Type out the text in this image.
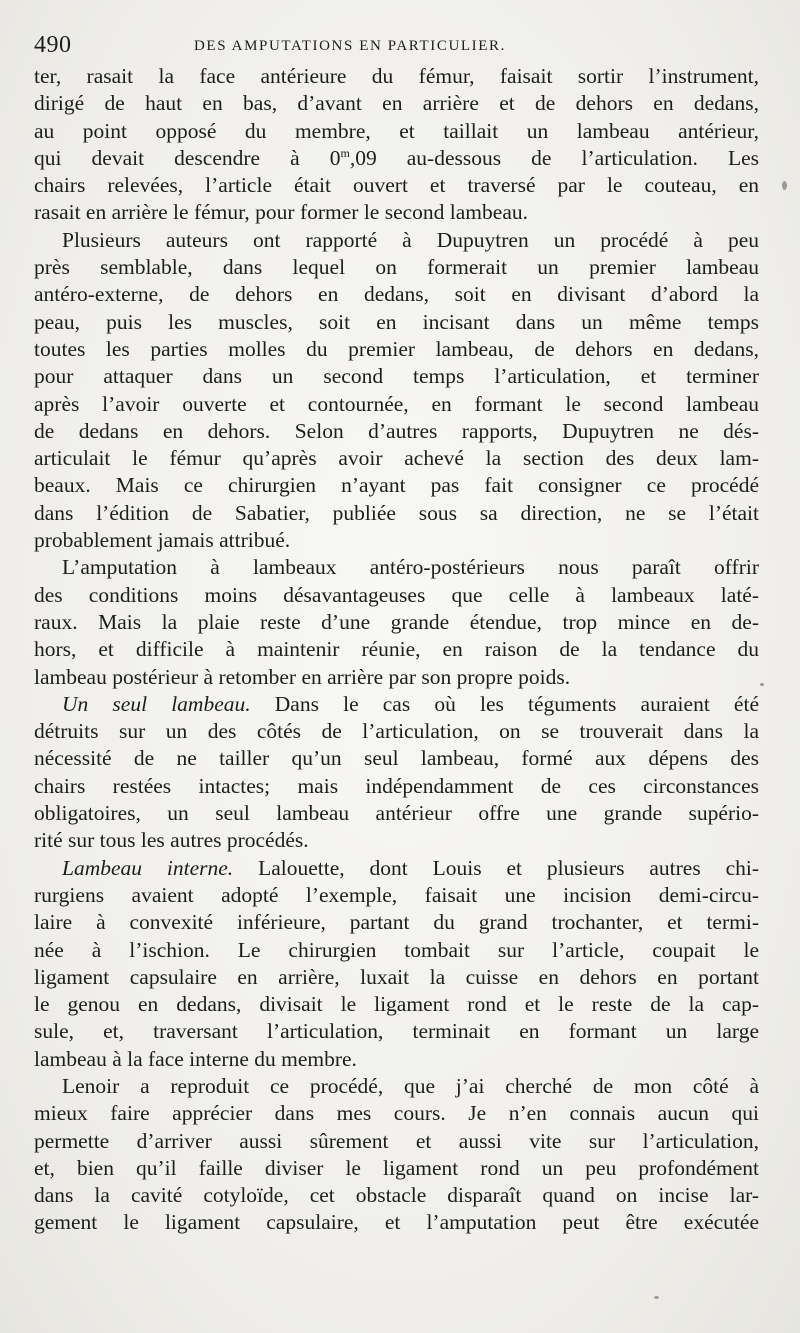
490	DES AMPUTATIONS EN PARTICULIER.
ter, rasait la face antérieure du fémur, faisait sortir l’instrument,
dirigé de haut en bas, d’avant en arrière et de dehors en dedans,
au point opposé du membre, et taillait un lambeau antérieur,
qui devait descendre à 0$^m$,09 au-dessous de l’articulation. Les
chairs relevées, l’article était ouvert et traversé par le couteau, en
rasait en arrière le fémur, pour former le second lambeau.
Plusieurs auteurs ont rapporté à Dupuytren un procédé à peu
près semblable, dans lequel on formerait un premier lambeau
antéro-externe, de dehors en dedans, soit en divisant d’abord la
peau, puis les muscles, soit en incisant dans un même temps
toutes les parties molles du premier lambeau, de dehors en dedans,
pour attaquer dans un second temps l’articulation, et terminer
après l’avoir ouverte et contournée, en formant le second lambeau
de dedans en dehors. Selon d’autres rapports, Dupuytren ne dés-
articulait le fémur qu’après avoir achevé la section des deux lam-
beaux. Mais ce chirurgien n’ayant pas fait consigner ce procédé
dans l’édition de Sabatier, publiée sous sa direction, ne se l’était
probablement jamais attribué.
L’amputation à lambeaux antéro-postérieurs nous paraît offrir
des conditions moins désavantageuses que celle à lambeaux laté-
raux. Mais la plaie reste d’une grande étendue, trop mince en de-
hors, et difficile à maintenir réunie, en raison de la tendance du
lambeau postérieur à retomber en arrière par son propre poids.
Un seul lambeau. Dans le cas où les téguments auraient été
détruits sur un des côtés de l’articulation, on se trouverait dans la
nécessité de ne tailler qu’un seul lambeau, formé aux dépens des
chairs restées intactes; mais indépendamment de ces circonstances
obligatoires, un seul lambeau antérieur offre une grande supério-
rité sur tous les autres procédés.
Lambeau interne. Lalouette, dont Louis et plusieurs autres chi-
rurgiens avaient adopté l’exemple, faisait une incision demi-circu-
laire à convexité inférieure, partant du grand trochanter, et termi-
née à l’ischion. Le chirurgien tombait sur l’article, coupait le
ligament capsulaire en arrière, luxait la cuisse en dehors en portant
le genou en dedans, divisait le ligament rond et le reste de la cap-
sule, et, traversant l’articulation, terminait en formant un large
lambeau à la face interne du membre.
Lenoir a reproduit ce procédé, que j’ai cherché de mon côté à
mieux faire apprécier dans mes cours. Je n’en connais aucun qui
permette d’arriver aussi sûrement et aussi vite sur l’articulation,
et, bien qu’il faille diviser le ligament rond un peu profondément
dans la cavité cotyloïde, cet obstacle disparaît quand on incise lar-
gement le ligament capsulaire, et l’amputation peut être exécutée
